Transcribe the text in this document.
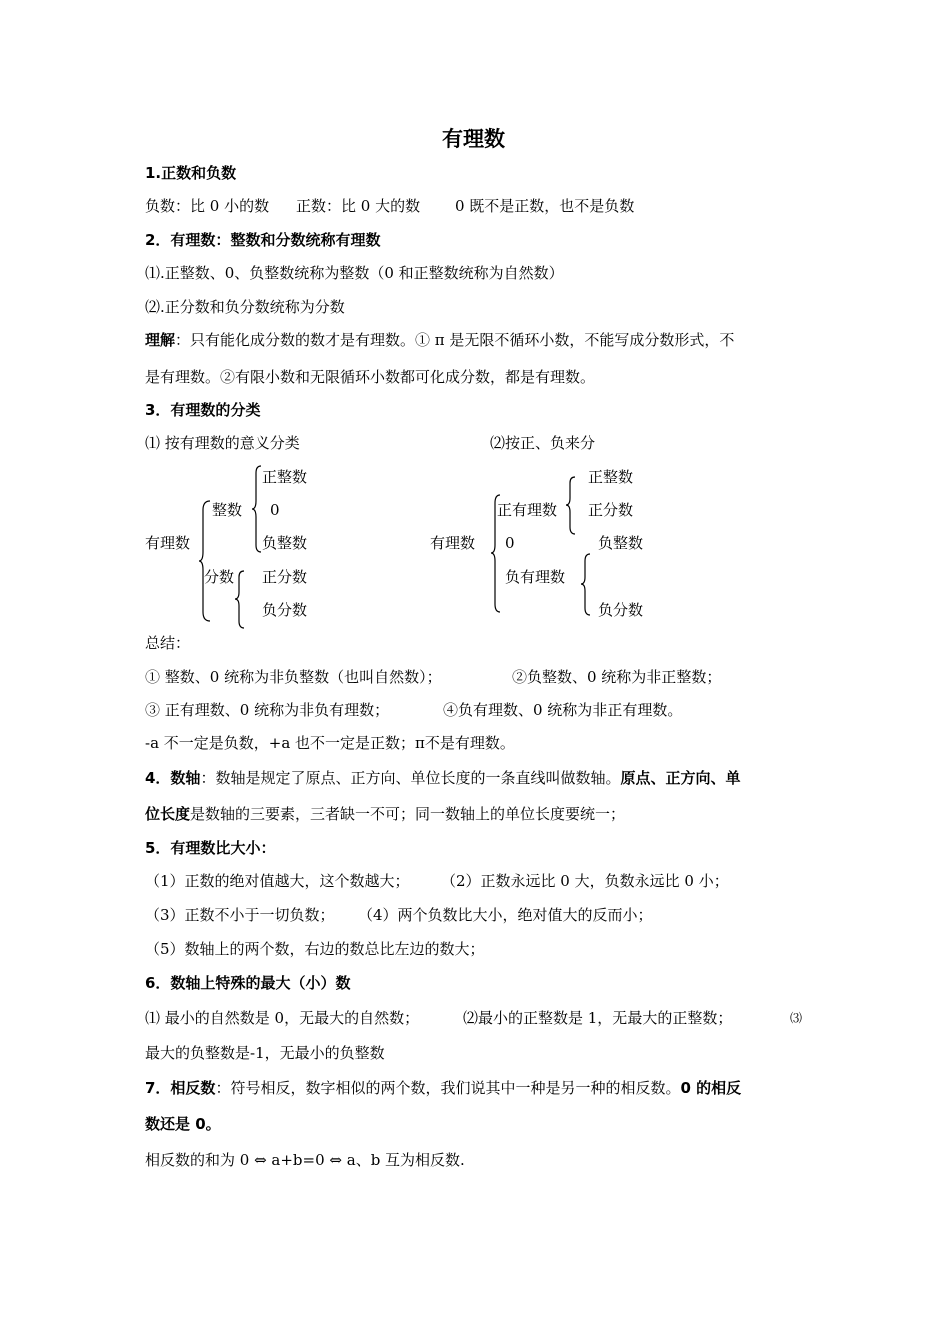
有理数
1.正数和负数
负数：比 0 小的数 正数：比 0 大的数 0 既不是正数，也不是负数
2．有理数：整数和分数统称有理数
⑴.正整数、0、负整数统称为整数（0 和正整数统称为自然数）
⑵.正分数和负分数统称为分数
理解：只有能化成分数的数才是有理数。① π 是无限不循环小数，不能写成分数形式，不
是有理数。②有限小数和无限循环小数都可化成分数，都是有理数。
3．有理数的分类
⑴ 按有理数的意义分类	⑵按正、负来分
有理数
整数
正整数
0
负整数
分数 正分数
负分数
有理数
正有理数
正整数
正分数
0	负整数
负有理数
负分数
总结：
① 整数、0 统称为非负整数（也叫自然数）；	②负整数、0 统称为非正整数；
③ 正有理数、0 统称为非负有理数；	④负有理数、0 统称为非正有理数。
-a 不一定是负数，+a 也不一定是正数；π不是有理数。
4．数轴：数轴是规定了原点、正方向、单位长度的一条直线叫做数轴。原点、正方向、单
位长度是数轴的三要素，三者缺一不可；同一数轴上的单位长度要统一；
5．有理数比大小：
（1）正数的绝对值越大，这个数越大； （2）正数永远比 0 大，负数永远比 0 小；
（3）正数不小于一切负数； （4）两个负数比大小，绝对值大的反而小；
（5）数轴上的两个数，右边的数总比左边的数大；
6．数轴上特殊的最大（小）数
⑴ 最小的自然数是 0，无最大的自然数；	⑵最小的正整数是 1，无最大的正整数；	⑶
最大的负整数是-1，无最小的负整数
7．相反数：符号相反，数字相似的两个数，我们说其中一种是另一种的相反数。0 的相反
数还是 0。
相反数的和为 0 ⇔ a+b=0 ⇔ a、b 互为相反数.
